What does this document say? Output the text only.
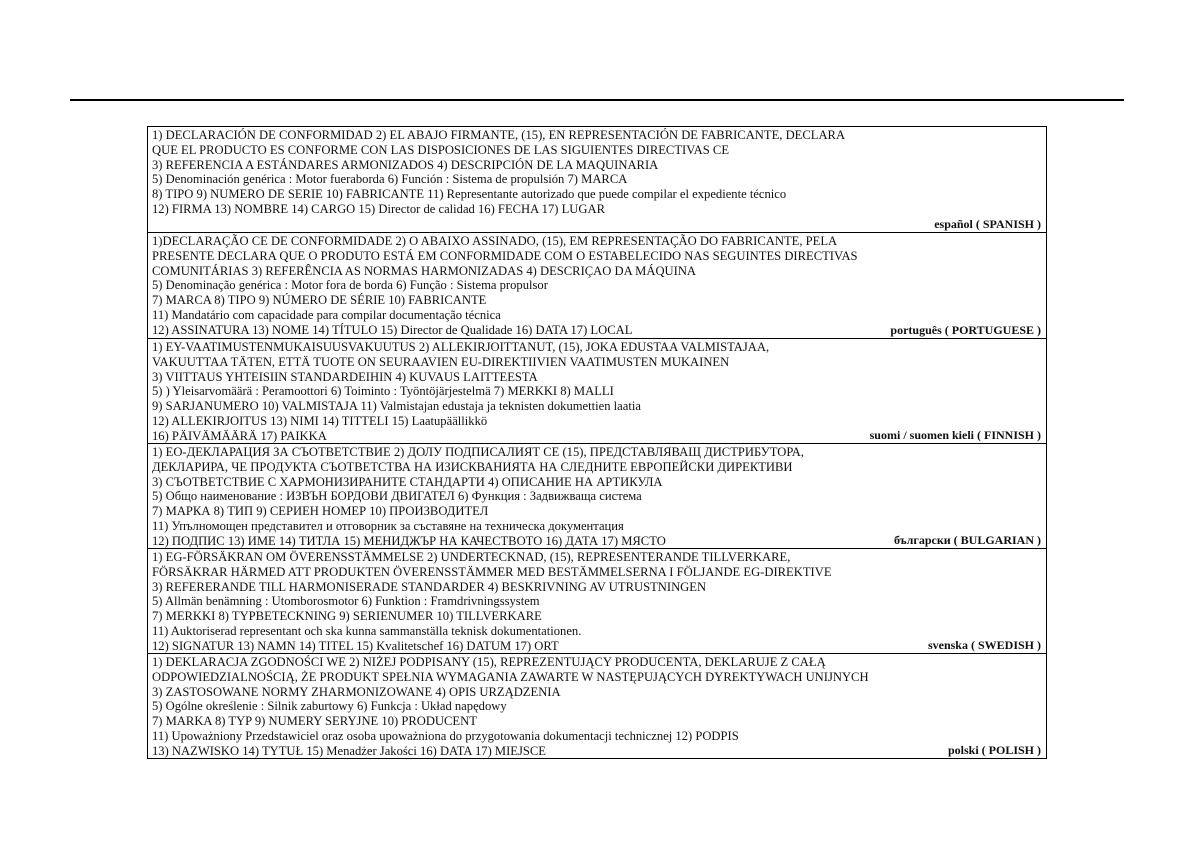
1) DECLARACIÓN DE CONFORMIDAD 2) EL ABAJO FIRMANTE, (15), EN REPRESENTACIÓN DE FABRICANTE, DECLARA
QUE EL PRODUCTO ES CONFORME CON LAS DISPOSICIONES DE LAS SIGUIENTES DIRECTIVAS CE
3) REFERENCIA A ESTÁNDARES ARMONIZADOS 4) DESCRIPCIÓN DE LA MAQUINARIA
5) Denominación genérica : Motor fueraborda 6) Función : Sistema de propulsión 7) MARCA
8) TIPO 9) NUMERO DE SERIE 10) FABRICANTE 11) Representante autorizado que puede compilar el expediente técnico
12) FIRMA 13) NOMBRE 14) CARGO 15) Director de calidad 16) FECHA 17) LUGAR
español ( SPANISH )
1)DECLARAÇÃO CE DE CONFORMIDADE 2) O ABAIXO ASSINADO, (15), EM REPRESENTAÇÃO DO FABRICANTE, PELA
PRESENTE DECLARA QUE O PRODUTO ESTÁ EM CONFORMIDADE COM O ESTABELECIDO NAS SEGUINTES DIRECTIVAS
COMUNITÁRIAS 3) REFERÊNCIA AS NORMAS HARMONIZADAS 4) DESCRIÇAO DA MÁQUINA
5) Denominação genérica : Motor fora de borda 6) Função : Sistema propulsor
7) MARCA 8) TIPO 9) NÚMERO DE SÉRIE 10) FABRICANTE
11) Mandatário com capacidade para compilar documentação técnica
12) ASSINATURA 13) NOME 14) TÍTULO 15) Director de Qualidade 16) DATA 17) LOCAL	português ( PORTUGUESE )
1) EY-VAATIMUSTENMUKAISUUSVAKUUTUS 2) ALLEKIRJOITTANUT, (15), JOKA EDUSTAA VALMISTAJAA,
VAKUUTTAA TÄTEN, ETTÄ TUOTE ON SEURAAVIEN EU-DIREKTIIVIEN VAATIMUSTEN MUKAINEN
3) VIITTAUS YHTEISIIN STANDARDEIHIN 4) KUVAUS LAITTEESTA
5) ) Yleisarvomäärä : Peramoottori 6) Toiminto : Työntöjärjestelmä 7) MERKKI 8) MALLI
9) SARJANUMERO 10) VALMISTAJA 11) Valmistajan edustaja ja teknisten dokumettien laatia
12) ALLEKIRJOITUS 13) NIMI 14) TITTELI 15) Laatupäällikkö
16) PÄIVÄMÄÄRÄ 17) PAIKKA	suomi / suomen kieli ( FINNISH )
1) ЕО-ДЕКЛАРАЦИЯ ЗА СЪОТВЕТСТВИЕ 2) ДОЛУ ПОДПИСАЛИЯТ СЕ (15), ПРЕДСТАВЛЯВАЩ ДИСТРИБУТОРА,
ДЕКЛАРИРА, ЧЕ ПРОДУКТА СЪОТВЕТСТВА НА ИЗИСКВАНИЯТА НА СЛЕДНИТЕ ЕВРОПЕЙСКИ ДИРЕКТИВИ
3) СЪОТВЕТСТВИЕ С ХАРМОНИЗИРАНИТЕ СТАНДАРТИ 4) ОПИСАНИЕ НА АРТИКУЛА
5) Общо наименование : ИЗВЪН БОРДОВИ ДВИГАТЕЛ 6) Функция : Задвижваща система
7) МАРКА 8) ТИП 9) СЕРИЕН НОМЕР 10) ПРОИЗВОДИТЕЛ
11) Упълномощен представител и отговорник за съставяне на техническа документация
12) ПОДПИС 13) ИМЕ 14) ТИТЛА 15) МЕНИДЖЪР НА КАЧЕСТВОТО 16) ДАТА 17) МЯСТО	български ( BULGARIAN )
1) EG-FÖRSÄKRAN OM ÖVERENSSTÄMMELSE 2) UNDERTECKNAD, (15), REPRESENTERANDE TILLVERKARE,
FÖRSÄKRAR HÄRMED ATT PRODUKTEN ÖVERENSSTÄMMER MED BESTÄMMELSERNA I FÖLJANDE EG-DIREKTIVE
3) REFERERANDE TILL HARMONISERADE STANDARDER 4) BESKRIVNING AV UTRUSTNINGEN
5) Allmän benämning : Utomborosmotor 6) Funktion : Framdrivningssystem
7) MERKKI 8) TYPBETECKNING 9) SERIENUMER 10) TILLVERKARE
11) Auktoriserad representant och ska kunna sammanställa teknisk dokumentationen.
12) SIGNATUR 13) NAMN 14) TITEL 15) Kvalitetschef 16) DATUM 17) ORT	svenska ( SWEDISH )
1) DEKLARACJA ZGODNOŚCI WE 2) NIŻEJ PODPISANY (15), REPREZENTUJĄCY PRODUCENTA, DEKLARUJE Z CAŁĄ
ODPOWIEDZIALNOŚCIĄ, ŻE PRODUKT SPEŁNIA WYMAGANIA ZAWARTE W NASTĘPUJĄCYCH DYREKTYWACH UNIJNYCH
3) ZASTOSOWANE NORMY ZHARMONIZOWANE 4) OPIS URZĄDZENIA
5) Ogólne określenie : Silnik zaburtowy 6) Funkcja : Układ napędowy
7) MARKA 8) TYP 9) NUMERY SERYJNE 10) PRODUCENT
11) Upoważniony Przedstawiciel oraz osoba upoważniona do przygotowania dokumentacji technicznej 12) PODPIS
13) NAZWISKO 14) TYTUŁ 15) Menadżer Jakości 16) DATA 17) MIEJSCE	polski ( POLISH )
